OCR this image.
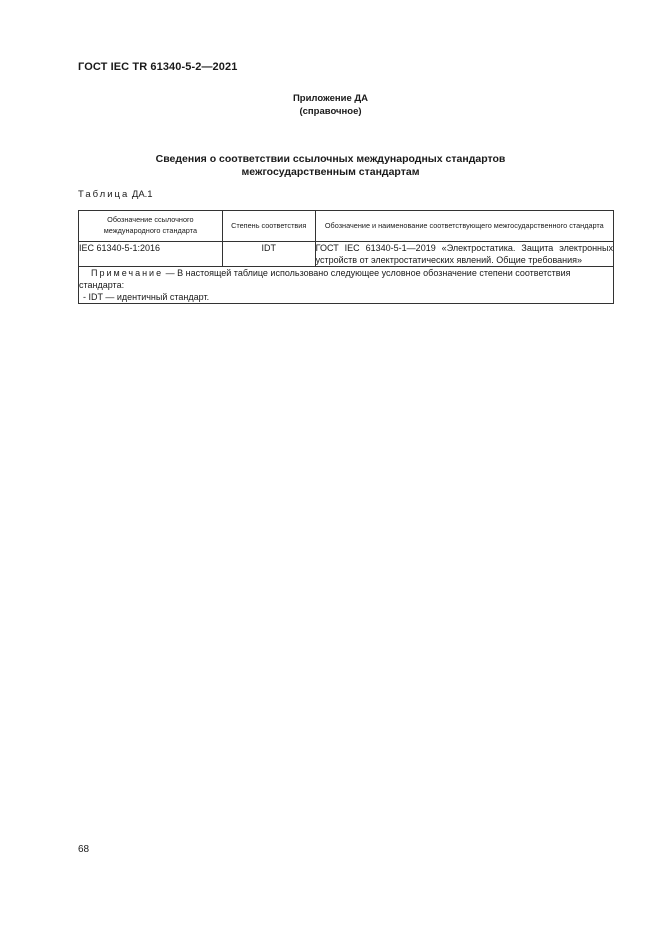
ГОСТ IEC TR 61340-5-2—2021
Приложение ДА
(справочное)
Сведения о соответствии ссылочных международных стандартов
межгосударственным стандартам
Таблица ДА.1
Обозначение ссылочного международного стандарта	Степень соответствия	Обозначение и наименование соответствующего межгосударственного стандарта
IEC 61340-5-1:2016	IDT	ГОСТ IEC 61340-5-1—2019 «Электростатика. Защита электронных устройств от электростатических явлений. Общие требования»

Примечание — В настоящей таблице использовано следующее условное обозначение степени соответствия стандарта:
- IDT — идентичный стандарт.		
68
